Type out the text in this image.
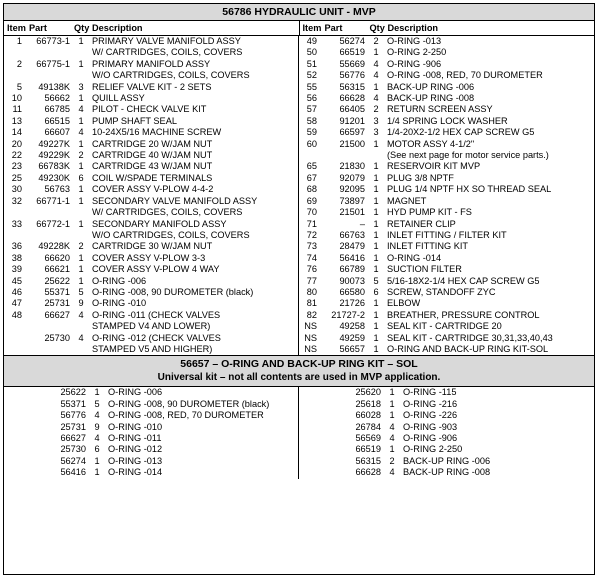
56786 HYDRAULIC UNIT - MVP
Item Part	Qty Description	Item Part	Qty Description
1	66773-1 1 PRIMARY VALVE MANIFOLD ASSY
W/ CARTRIDGES, COILS, COVERS
2	66775-1 1 PRIMARY MANIFOLD ASSY
W/O CARTRIDGES, COILS, COVERS
5	49138K 3 RELIEF VALVE KIT - 2 SETS
10	56662 1 QUILL ASSY
11	66785 4 PILOT - CHECK VALVE KIT
13	66515 1 PUMP SHAFT SEAL
14	66607 4 10-24X5/16 MACHINE SCREW
20	49227K 1 CARTRIDGE 20 W/JAM NUT
22	49229K 2 CARTRIDGE 40 W/JAM NUT
23	66783K 1 CARTRIDGE 43 W/JAM NUT
25	49230K 6 COIL W/SPADE TERMINALS
30	56763 1 COVER ASSY V-PLOW 4-4-2
32	66771-1 1 SECONDARY VALVE MANIFOLD ASSY
W/ CARTRIDGES, COILS, COVERS
33	66772-1 1 SECONDARY MANIFOLD ASSY
W/O CARTRIDGES, COILS, COVERS
36	49228K 2 CARTRIDGE 30 W/JAM NUT
38	66620 1 COVER ASSY V-PLOW 3-3
39	66621 1 COVER ASSY V-PLOW 4 WAY
45	25622 1 O-RING -006
46	55371 5 O-RING -008, 90 DUROMETER (black)
47	25731 9 O-RING -010
48	66627 4 O-RING -011 (CHECK VALVES
STAMPED V4 AND LOWER)
25730 4 O-RING -012 (CHECK VALVES
STAMPED V5 AND HIGHER)
49	56274 2 O-RING -013
50	66519 1 O-RING 2-250
51	55669 4 O-RING -906
52	56776 4 O-RING -008, RED, 70 DUROMETER
55	56315 1 BACK-UP RING -006
56	66628 4 BACK-UP RING -008
57	66405 2 RETURN SCREEN ASSY
58	91201 3 1/4 SPRING LOCK WASHER
59	66597 3 1/4-20X2-1/2 HEX CAP SCREW G5
60	21500 1 MOTOR ASSY 4-1/2"
(See next page for motor service parts.)
65	21830 1 RESERVOIR KIT MVP
67	92079 1 PLUG 3/8 NPTF
68	92095 1 PLUG 1/4 NPTF HX SO THREAD SEAL
69	73897 1 MAGNET
70	21501 1 HYD PUMP KIT - FS
71	– 1 RETAINER CLIP
72	66763 1 INLET FITTING / FILTER KIT
73	28479 1 INLET FITTING KIT
74	56416 1 O-RING -014
76	66789 1 SUCTION FILTER
77	90073 5 5/16-18X2-1/4 HEX CAP SCREW G5
80	66580 6 SCREW, STANDOFF ZYC
81	21726 1 ELBOW
82	21727-2 1 BREATHER, PRESSURE CONTROL
NS	49258 1 SEAL KIT - CARTRIDGE 20
NS	49259 1 SEAL KIT - CARTRIDGE 30,31,33,40,43
NS	56657 1 O-RING AND BACK-UP RING KIT-SOL
56657 – O-RING AND BACK-UP RING KIT – SOL
Universal kit – not all contents are used in MVP application.
25622 1 O-RING -006
55371 5 O-RING -008, 90 DUROMETER (black)
56776 4 O-RING -008, RED, 70 DUROMETER
25731 9 O-RING -010
66627 4 O-RING -011
25730 6 O-RING -012
56274 1 O-RING -013
56416 1 O-RING -014
25620 1 O-RING -115
25618 1 O-RING -216
66028 1 O-RING -226
26784 4 O-RING -903
56569 4 O-RING -906
66519 1 O-RING 2-250
56315 2 BACK-UP RING -006
66628 4 BACK-UP RING -008
